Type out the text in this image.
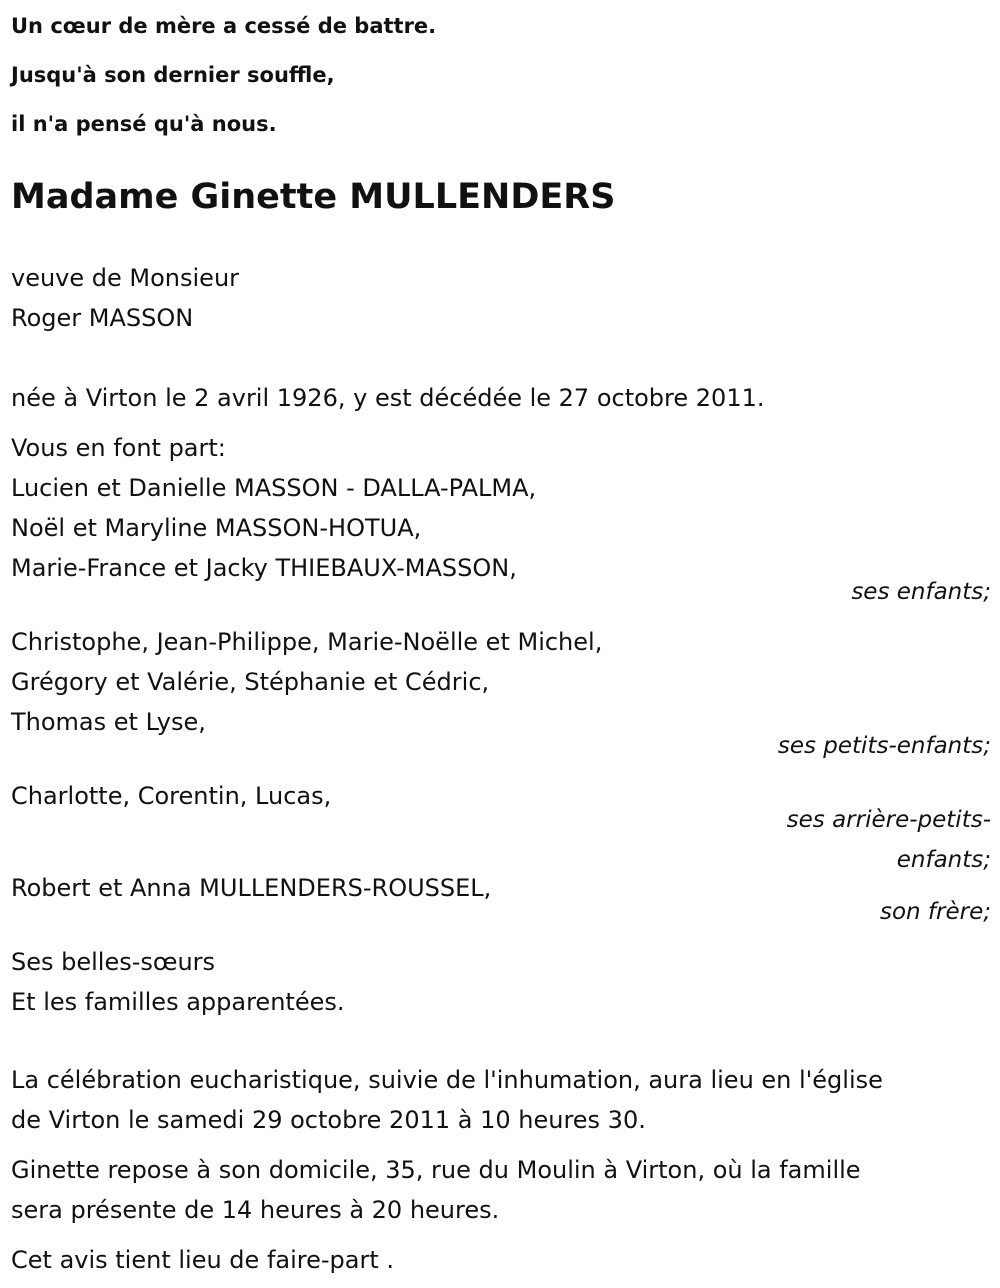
Un cœur de mère a cessé de battre.

Jusqu'à son dernier souffle,

il n'a pensé qu'à nous.

Madame Ginette MULLENDERS

veuve de Monsieur

Roger MASSON

née à Virton le 2 avril 1926, y est décédée le 27 octobre 2011.

Vous en font part:

Lucien et Danielle MASSON - DALLA-PALMA,

Noël et Maryline MASSON-HOTUA,

Marie-France et Jacky THIEBAUX-MASSON,

ses enfants;

Christophe, Jean-Philippe, Marie-Noëlle et Michel,

Grégory et Valérie, Stéphanie et Cédric,

Thomas et Lyse,

ses petits-enfants;

Charlotte, Corentin, Lucas,

ses arrière-petits-

enfants;

Robert et Anna MULLENDERS-ROUSSEL,

son frère;

Ses belles-sœurs

Et les familles apparentées.

La célébration eucharistique, suivie de l'inhumation, aura lieu en l'église

de Virton le samedi 29 octobre 2011 à 10 heures 30.

Ginette repose à son domicile, 35, rue du Moulin à Virton, où la famille

sera présente de 14 heures à 20 heures.

Cet avis tient lieu de faire-part .
